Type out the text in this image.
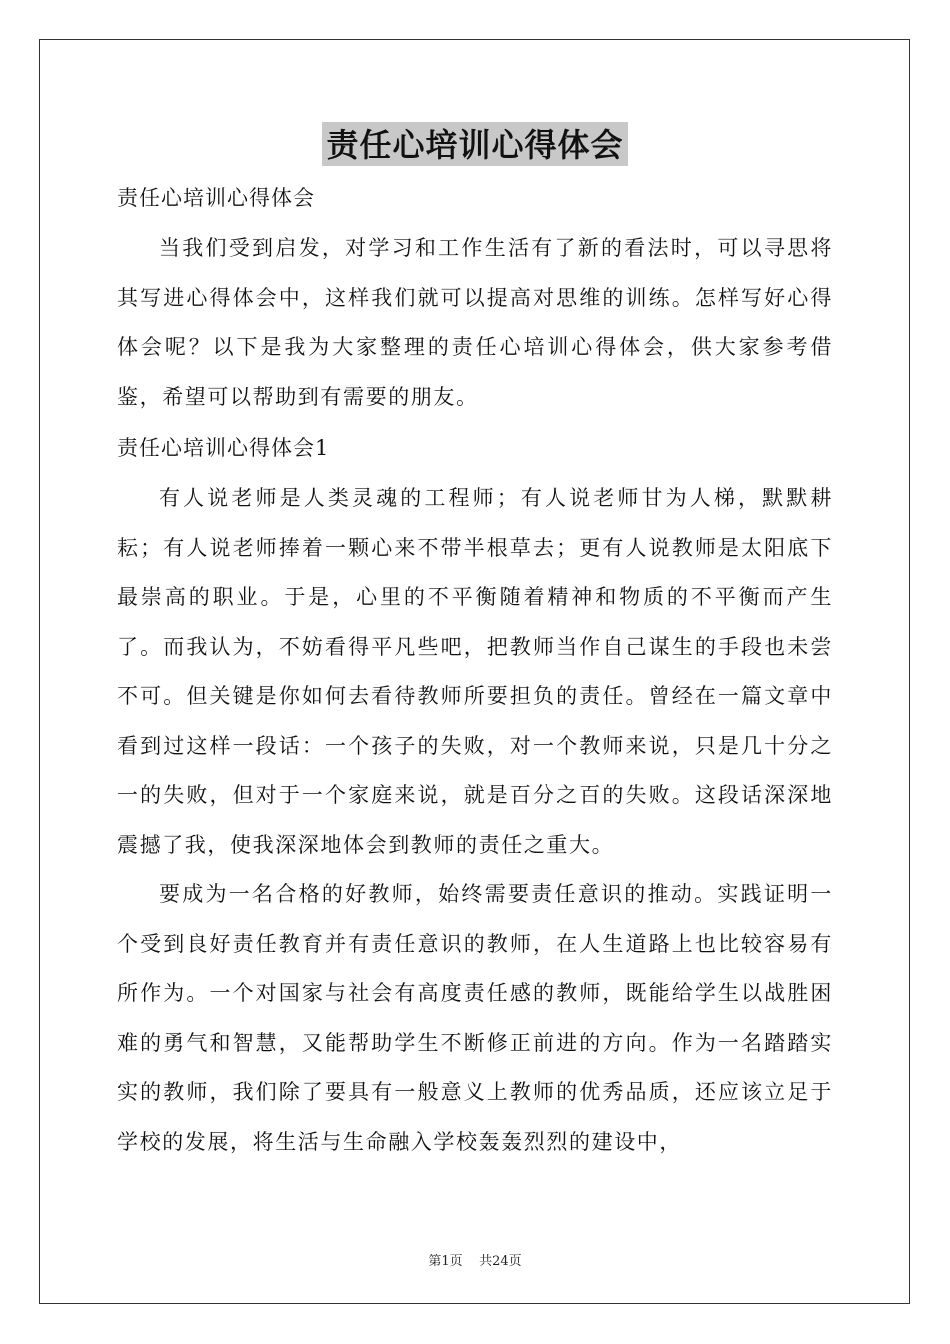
责任心培训心得体会

责任心培训心得体会

当我们受到启发，对学习和工作生活有了新的看法时，可以寻思将其写进心得体会中，这样我们就可以提高对思维的训练。怎样写好心得体会呢？以下是我为大家整理的责任心培训心得体会，供大家参考借鉴，希望可以帮助到有需要的朋友。

责任心培训心得体会1

有人说老师是人类灵魂的工程师；有人说老师甘为人梯，默默耕耘；有人说老师捧着一颗心来不带半根草去；更有人说教师是太阳底下最崇高的职业。于是，心里的不平衡随着精神和物质的不平衡而产生了。而我认为，不妨看得平凡些吧，把教师当作自己谋生的手段也未尝不可。但关键是你如何去看待教师所要担负的责任。曾经在一篇文章中看到过这样一段话：一个孩子的失败，对一个教师来说，只是几十分之一的失败，但对于一个家庭来说，就是百分之百的失败。这段话深深地震撼了我，使我深深地体会到教师的责任之重大。

要成为一名合格的好教师，始终需要责任意识的推动。实践证明一个受到良好责任教育并有责任意识的教师，在人生道路上也比较容易有所作为。一个对国家与社会有高度责任感的教师，既能给学生以战胜困难的勇气和智慧，又能帮助学生不断修正前进的方向。作为一名踏踏实实的教师，我们除了要具有一般意义上教师的优秀品质，还应该立足于学校的发展，将生活与生命融入学校轰轰烈烈的建设中，

第1页 共24页
